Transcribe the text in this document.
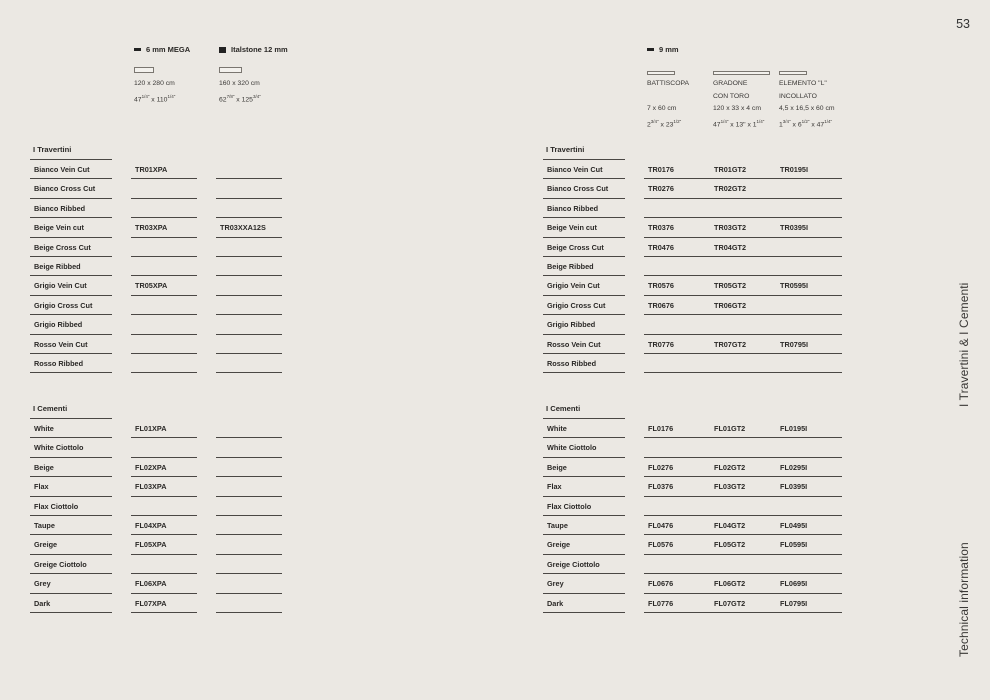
53
I Travertini & I Cementi
Technical information
6 mm MEGA	Italstone 12 mm
120 x 280 cm
$47^{1/4"}$ x $110^{1/4"}$
160 x 320 cm
$62^{7/8"}$ x $125^{3/4"}$
9 mm
BATTISCOPA
7 x 60 cm
$2^{3/4"}$ x $23^{1/2"}$
GRADONE
CON TORO
120 x 33 x 4 cm
$47^{1/4"}$ x 13" x $1^{1/4"}$
ELEMENTO "L"
INCOLLATO
4,5 x 16,5 x 60 cm
$1^{3/4"}$ x $6^{1/2"}$ x $47^{1/4"}$
I Travertini
Bianco Vein Cut	TR01XPA
Bianco Cross Cut
Bianco Ribbed
Beige Vein cut	TR03XPA	TR03XXA12S
Beige Cross Cut
Beige Ribbed
Grigio Vein Cut	TR05XPA
Grigio Cross Cut
Grigio Ribbed
Rosso Vein Cut
Rosso Ribbed
I Cementi
White	FL01XPA
White Ciottolo
Beige	FL02XPA
Flax	FL03XPA
Flax Ciottolo
Taupe	FL04XPA
Greige	FL05XPA
Greige Ciottolo
Grey	FL06XPA
Dark	FL07XPA
I Travertini
Bianco Vein Cut	TR0176	TR01GT2	TR0195I
Bianco Cross Cut	TR0276	TR02GT2
Bianco Ribbed
Beige Vein cut	TR0376	TR03GT2	TR0395I
Beige Cross Cut	TR0476	TR04GT2
Beige Ribbed
Grigio Vein Cut	TR0576	TR05GT2	TR0595I
Grigio Cross Cut	TR0676	TR06GT2
Grigio Ribbed
Rosso Vein Cut	TR0776	TR07GT2	TR0795I
Rosso Ribbed
I Cementi
White	FL0176	FL01GT2	FL0195I
White Ciottolo
Beige	FL0276	FL02GT2	FL0295I
Flax	FL0376	FL03GT2	FL0395I
Flax Ciottolo
Taupe	FL0476	FL04GT2	FL0495I
Greige	FL0576	FL05GT2	FL0595I
Greige Ciottolo
Grey	FL0676	FL06GT2	FL0695I
Dark	FL0776	FL07GT2	FL0795I
